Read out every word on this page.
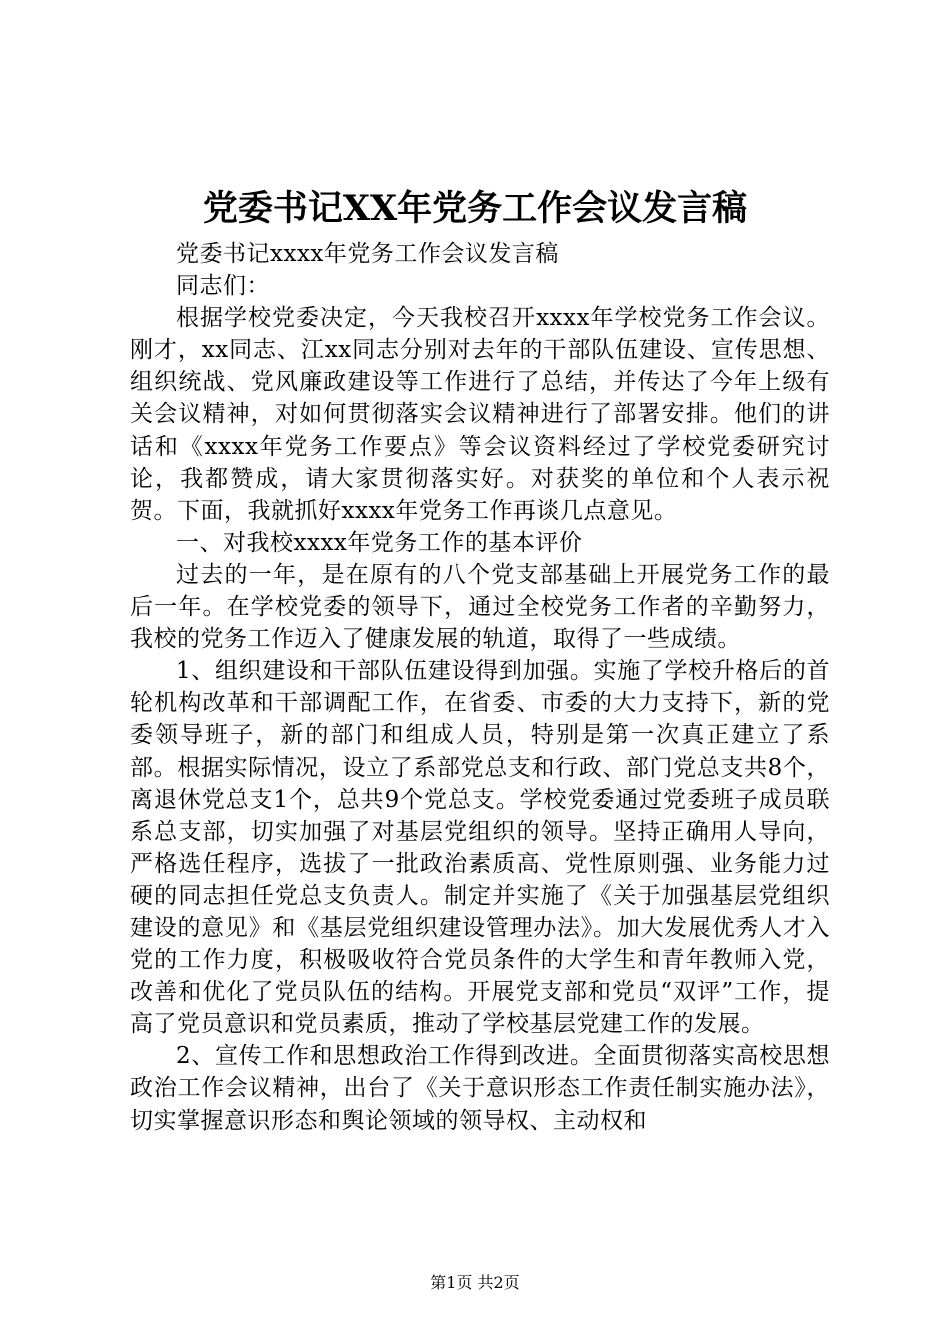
党委书记XX年党务工作会议发言稿

党委书记xxxx年党务工作会议发言稿

同志们：

根据学校党委决定，今天我校召开xxxx年学校党务工作会议。刚才，xx同志、江xx同志分别对去年的干部队伍建设、宣传思想、组织统战、党风廉政建设等工作进行了总结，并传达了今年上级有关会议精神，对如何贯彻落实会议精神进行了部署安排。他们的讲话和《xxxx年党务工作要点》等会议资料经过了学校党委研究讨论，我都赞成，请大家贯彻落实好。对获奖的单位和个人表示祝贺。下面，我就抓好xxxx年党务工作再谈几点意见。

一、对我校xxxx年党务工作的基本评价

过去的一年，是在原有的八个党支部基础上开展党务工作的最后一年。在学校党委的领导下，通过全校党务工作者的辛勤努力，我校的党务工作迈入了健康发展的轨道，取得了一些成绩。

1、组织建设和干部队伍建设得到加强。实施了学校升格后的首轮机构改革和干部调配工作，在省委、市委的大力支持下，新的党委领导班子，新的部门和组成人员，特别是第一次真正建立了系部。根据实际情况，设立了系部党总支和行政、部门党总支共8个，离退休党总支1个，总共9个党总支。学校党委通过党委班子成员联系总支部，切实加强了对基层党组织的领导。坚持正确用人导向，严格选任程序，选拔了一批政治素质高、党性原则强、业务能力过硬的同志担任党总支负责人。制定并实施了《关于加强基层党组织建设的意见》和《基层党组织建设管理办法》。加大发展优秀人才入党的工作力度，积极吸收符合党员条件的大学生和青年教师入党，改善和优化了党员队伍的结构。开展党支部和党员“双评”工作，提高了党员意识和党员素质，推动了学校基层党建工作的发展。

2、宣传工作和思想政治工作得到改进。全面贯彻落实高校思想政治工作会议精神，出台了《关于意识形态工作责任制实施办法》，切实掌握意识形态和舆论领域的领导权、主动权和

第1页 共2页
